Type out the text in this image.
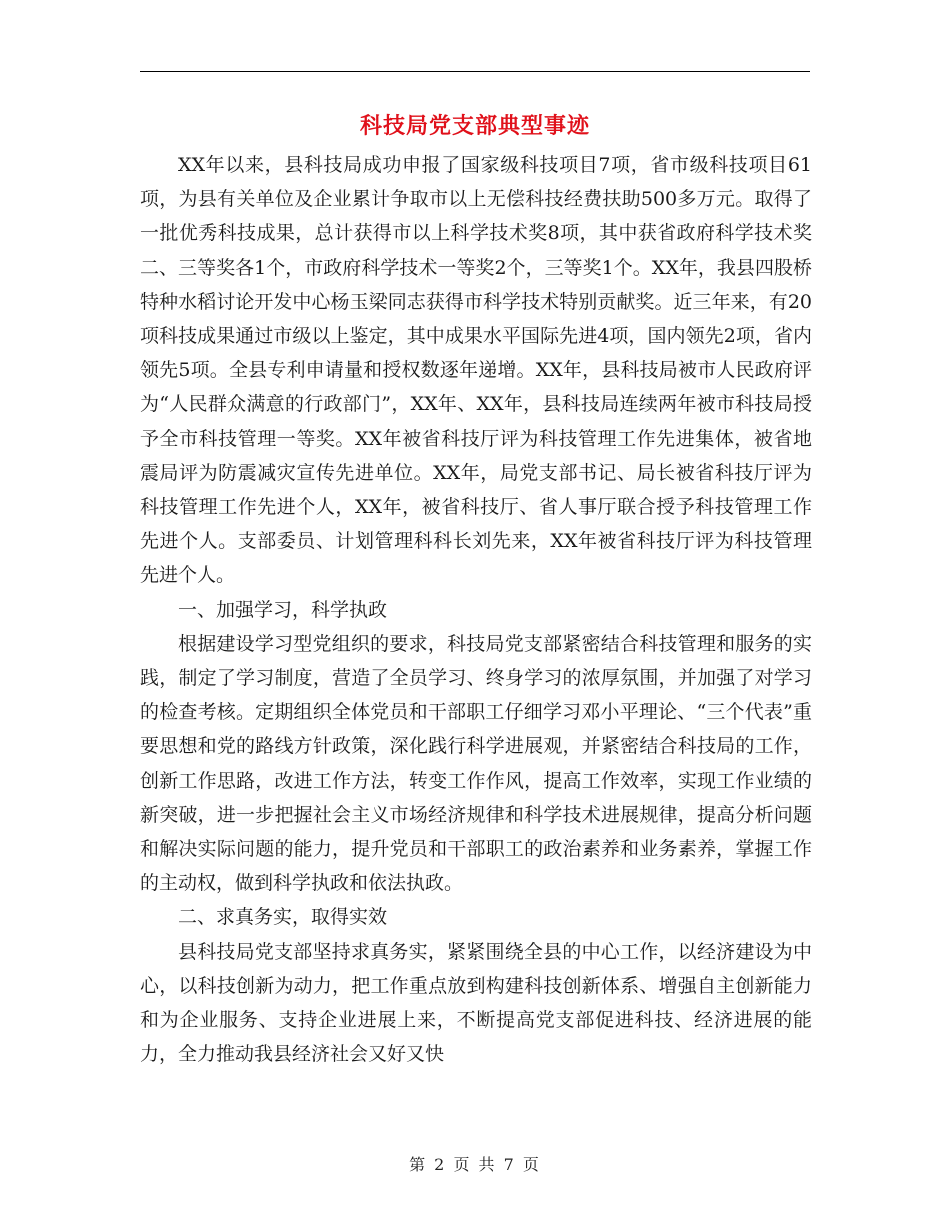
科技局党支部典型事迹

XX年以来，县科技局成功申报了国家级科技项目7项，省市级科技项目61项，为县有关单位及企业累计争取市以上无偿科技经费扶助500多万元。取得了一批优秀科技成果，总计获得市以上科学技术奖8项，其中获省政府科学技术奖二、三等奖各1个，市政府科学技术一等奖2个，三等奖1个。XX年，我县四股桥特种水稻讨论开发中心杨玉梁同志获得市科学技术特别贡献奖。近三年来，有20项科技成果通过市级以上鉴定，其中成果水平国际先进4项，国内领先2项，省内领先5项。全县专利申请量和授权数逐年递增。XX年，县科技局被市人民政府评为“人民群众满意的行政部门”，XX年、XX年，县科技局连续两年被市科技局授予全市科技管理一等奖。XX年被省科技厅评为科技管理工作先进集体，被省地震局评为防震减灾宣传先进单位。XX年，局党支部书记、局长被省科技厅评为科技管理工作先进个人，XX年，被省科技厅、省人事厅联合授予科技管理工作先进个人。支部委员、计划管理科科长刘先来，XX年被省科技厅评为科技管理先进个人。

一、加强学习，科学执政

根据建设学习型党组织的要求，科技局党支部紧密结合科技管理和服务的实践，制定了学习制度，营造了全员学习、终身学习的浓厚氛围，并加强了对学习的检查考核。定期组织全体党员和干部职工仔细学习邓小平理论、“三个代表”重要思想和党的路线方针政策，深化践行科学进展观，并紧密结合科技局的工作，创新工作思路，改进工作方法，转变工作作风，提高工作效率，实现工作业绩的新突破，进一步把握社会主义市场经济规律和科学技术进展规律，提高分析问题和解决实际问题的能力，提升党员和干部职工的政治素养和业务素养，掌握工作的主动权，做到科学执政和依法执政。

二、求真务实，取得实效

县科技局党支部坚持求真务实，紧紧围绕全县的中心工作，以经济建设为中心，以科技创新为动力，把工作重点放到构建科技创新体系、增强自主创新能力和为企业服务、支持企业进展上来，不断提高党支部促进科技、经济进展的能力，全力推动我县经济社会又好又快

第 2 页 共 7 页
